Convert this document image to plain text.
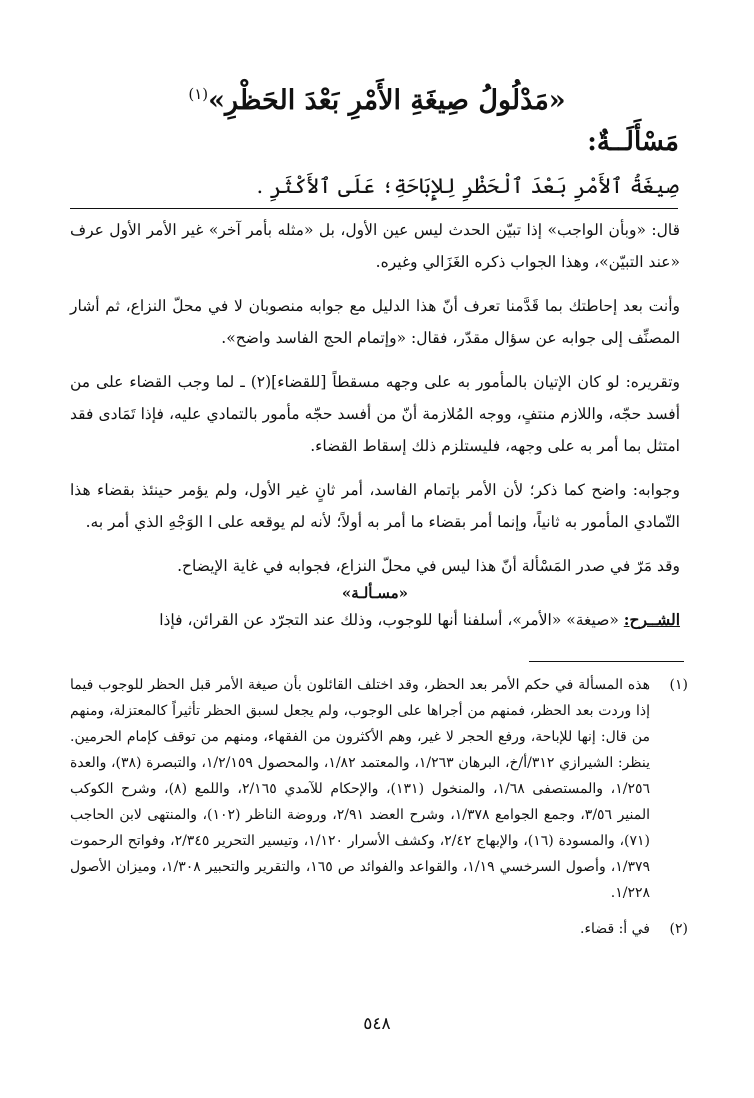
«مَدْلُولُ صِيغَةِ الأَمْرِ بَعْدَ الحَظْرِ»$^{(١)}$
مَسْأَلَــةٌ:
صِيغَةُ ٱلأَمْرِ بَعْدَ ٱلْحَظْرِ لِلإِبَاحَةِ؛ عَلَى ٱلأَكْثَرِ .

قال: «وبأن الواجب» إذا تبيّن الحدث ليس عين الأول، بل «مثله بأمر آخر» غير الأمر الأول عرف «عند التبيّن»، وهذا الجواب ذكره الغَزَالي وغيره.

وأنت بعد إحاطتك بما قَدَّمنا تعرف أنّ هذا الدليل مع جوابه منصوبان لا في محلّ النزاع، ثم أشار المصنِّف إلى جوابه عن سؤال مقدّر، فقال: «وإتمام الحج الفاسد واضح».

وتقريره: لو كان الإتيان بالمأمور به على وجهه مسقطاً [للقضاء](٢) ـ لما وجب القضاء على من أفسد حجّه، واللازم منتفٍ، ووجه المُلازمة أنّ من أفسد حجّه مأمور بالتمادي عليه، فإذا تَمَادى فقد امتثل بما أمر به على وجهه، فليستلزم ذلك إسقاط القضاء.

وجوابه: واضح كما ذكر؛ لأن الأمر بإتمام الفاسد، أمر ثانٍ غير الأول، ولم يؤمر حينئذ بقضاء هذا التّمادي المأمور به ثانياً، وإنما أمر بقضاء ما أمر به أولاً؛ لأنه لم يوقعه على ا الوَجْهِ الذي أمر به.

وقد مَرّ في صدر المَسْألة أنّ هذا ليس في محلّ النزاع، فجوابه في غاية الإيضاح.

«مسـألـة»

الشــرح: «صيغة» «الأمر»، أسلفنا أنها للوجوب، وذلك عند التجرّد عن القرائن، فإذا

(١)
هذه المسألة في حكم الأمر بعد الحظر، وقد اختلف القائلون بأن صيغة الأمر قبل الحظر للوجوب فيما إذا وردت بعد الحظر، فمنهم من أجراها على الوجوب، ولم يجعل لسبق الحظر تأثيراً كالمعتزلة، ومنهم من قال: إنها للإباحة، ورفع الحجر لا غير، وهم الأكثرون من الفقهاء، ومنهم من توقف كإمام الحرمين. ينظر: الشيرازي ٣١٢/أ/خ، البرهان ١/٢٦٣، والمعتمد ١/٨٢، والمحصول ١/٢/١٥٩، والتبصرة (٣٨)، والعدة ١/٢٥٦، والمستصفى ١/٦٨، والمنخول (١٣١)، والإحكام للآمدي ٢/١٦٥، واللمع (٨)، وشرح الكوكب المنير ٣/٥٦، وجمع الجوامع ١/٣٧٨، وشرح العضد ٢/٩١، وروضة الناظر (١٠٢)، والمنتهى لابن الحاجب (٧١)، والمسودة (١٦)، والإبهاج ٢/٤٢، وكشف الأسرار ١/١٢٠، وتيسير التحرير ٢/٣٤٥، وفواتح الرحموت ١/٣٧٩، وأصول السرخسي ١/١٩، والقواعد والفوائد ص ١٦٥، والتقرير والتحبير ١/٣٠٨، وميزان الأصول ١/٢٢٨.
(٢)
في أ: قضاء.
٥٤٨
